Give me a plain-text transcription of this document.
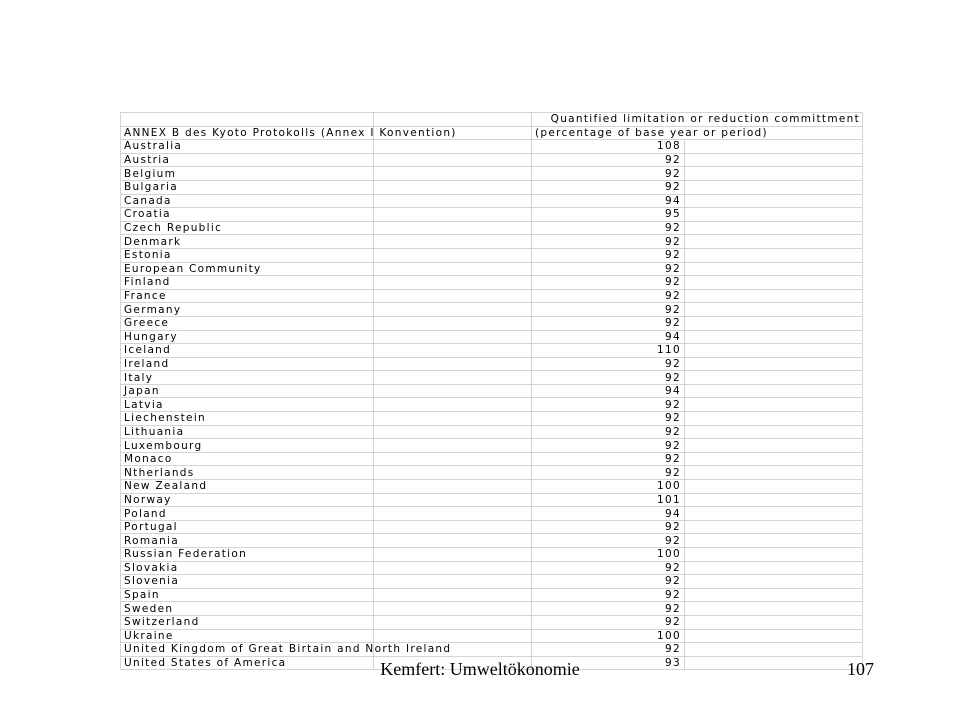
		Quantified limitation or reduction committment	
ANNEX B des Kyoto Protokolls (Annex I Konvention)		(percentage of base year or period)	
Australia		108	
Austria		92	
Belgium		92	
Bulgaria		92	
Canada		94	
Croatia		95	
Czech Republic		92	
Denmark		92	
Estonia		92	
European Community		92	
Finland		92	
France		92	
Germany		92	
Greece		92	
Hungary		94	
Iceland		110	
Ireland		92	
Italy		92	
Japan		94	
Latvia		92	
Liechenstein		92	
Lithuania		92	
Luxembourg		92	
Monaco		92	
Ntherlands		92	
New Zealand		100	
Norway		101	
Poland		94	
Portugal		92	
Romania		92	
Russian Federation		100	
Slovakia		92	
Slovenia		92	
Spain		92	
Sweden		92	
Switzerland		92	
Ukraine		100	
United Kingdom of Great Birtain and North Ireland		92	
United States of America		93	
Kemfert: Umweltökonomie	107
